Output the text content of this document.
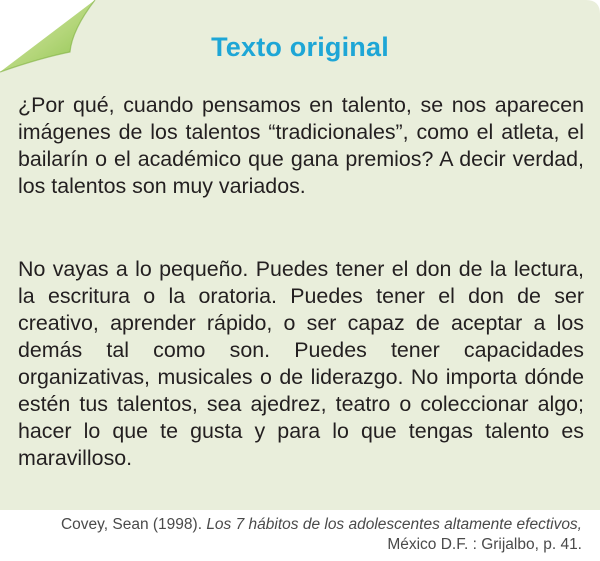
Texto original
¿Por qué, cuando pensamos en talento, se nos aparecen imágenes de los talentos “tradicionales”, como el atleta, el bailarín o el académico que gana premios? A decir verdad, los talentos son muy variados.
No vayas a lo pequeño. Puedes tener el don de la lectura, la escritura o la oratoria. Puedes tener el don de ser creativo, aprender rápido, o ser capaz de aceptar a los demás tal como son. Puedes tener capacidades organizativas, musicales o de liderazgo. No importa dónde estén tus talentos, sea ajedrez, teatro o coleccionar algo; hacer lo que te gusta y para lo que tengas talento es maravilloso.
Covey, Sean (1998). Los 7 hábitos de los adolescentes altamente efectivos,
México D.F. : Grijalbo, p. 41.
